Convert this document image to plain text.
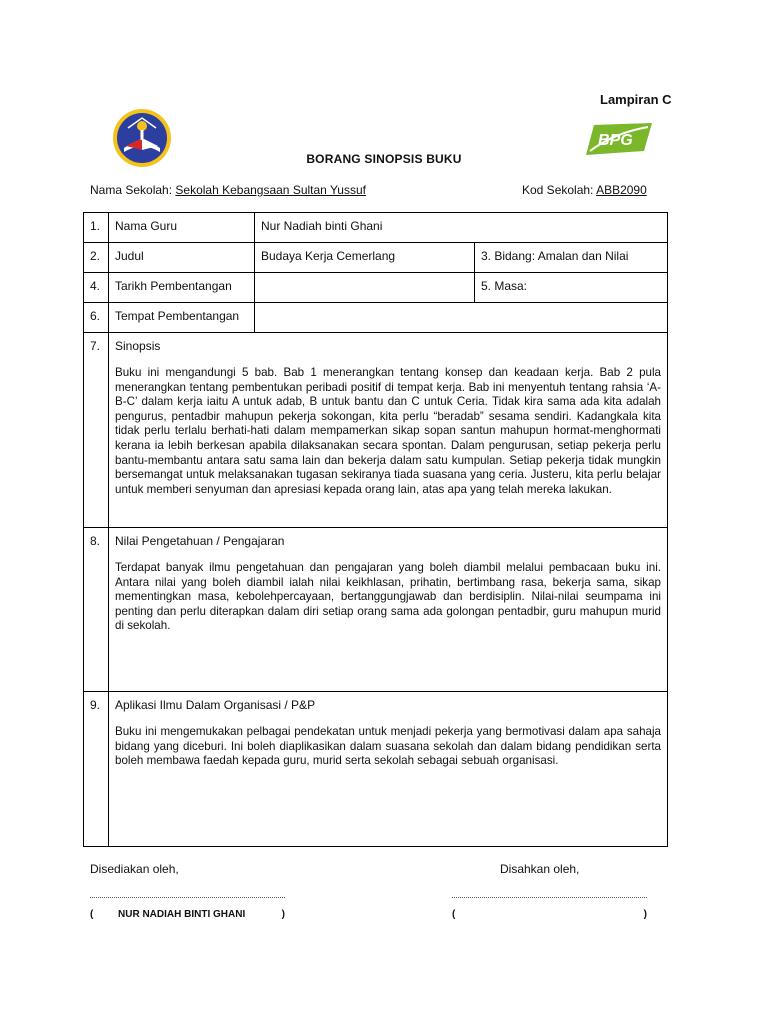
Lampiran C
BPG
BORANG SINOPSIS BUKU
Nama Sekolah: Sekolah Kebangsaan Sultan Yussuf	Kod Sekolah: ABB2090
1.	Nama Guru	Nur Nadiah binti Ghani	
2.	Judul	Budaya Kerja Cemerlang	3. Bidang: Amalan dan Nilai
4.	Tarikh Pembentangan		5. Masa:
6.	Tempat Pembentangan		
7.	Sinopsis
Buku ini mengandungi 5 bab. Bab 1 menerangkan tentang konsep dan keadaan kerja. Bab 2 pula menerangkan tentang pembentukan peribadi positif di tempat kerja. Bab ini menyentuh tentang rahsia ‘A-B-C’ dalam kerja iaitu A untuk adab, B untuk bantu dan C untuk Ceria. Tidak kira sama ada kita adalah pengurus, pentadbir mahupun pekerja sokongan, kita perlu “beradab” sesama sendiri. Kadangkala kita tidak perlu terlalu berhati-hati dalam mempamerkan sikap sopan santun mahupun hormat-menghormati kerana ia lebih berkesan apabila dilaksanakan secara spontan. Dalam pengurusan, setiap pekerja perlu bantu-membantu antara satu sama lain dan bekerja dalam satu kumpulan. Setiap pekerja tidak mungkin bersemangat untuk melaksanakan tugasan sekiranya tiada suasana yang ceria. Justeru, kita perlu belajar untuk memberi senyuman dan apresiasi kepada orang lain, atas apa yang telah mereka lakukan.		

8.	Nilai Pengetahuan / Pengajaran
Terdapat banyak ilmu pengetahuan dan pengajaran yang boleh diambil melalui pembacaan buku ini. Antara nilai yang boleh diambil ialah nilai keikhlasan, prihatin, bertimbang rasa, bekerja sama, sikap mementingkan masa, kebolehpercayaan, bertanggungjawab dan berdisiplin. Nilai-nilai seumpama ini penting dan perlu diterapkan dalam diri setiap orang sama ada golongan pentadbir, guru mahupun murid di sekolah.		

9.	Aplikasi Ilmu Dalam Organisasi / P&P
Buku ini mengemukakan pelbagai pendekatan untuk menjadi pekerja yang bermotivasi dalam apa sahaja bidang yang diceburi. Ini boleh diaplikasikan dalam suasana sekolah dan dalam bidang pendidikan serta boleh membawa faedah kepada guru, murid serta sekolah sebagai sebuah organisasi.		
Disediakan oleh,	Disahkan oleh,
( NUR NADIAH BINTI GHANI	)	(	)
